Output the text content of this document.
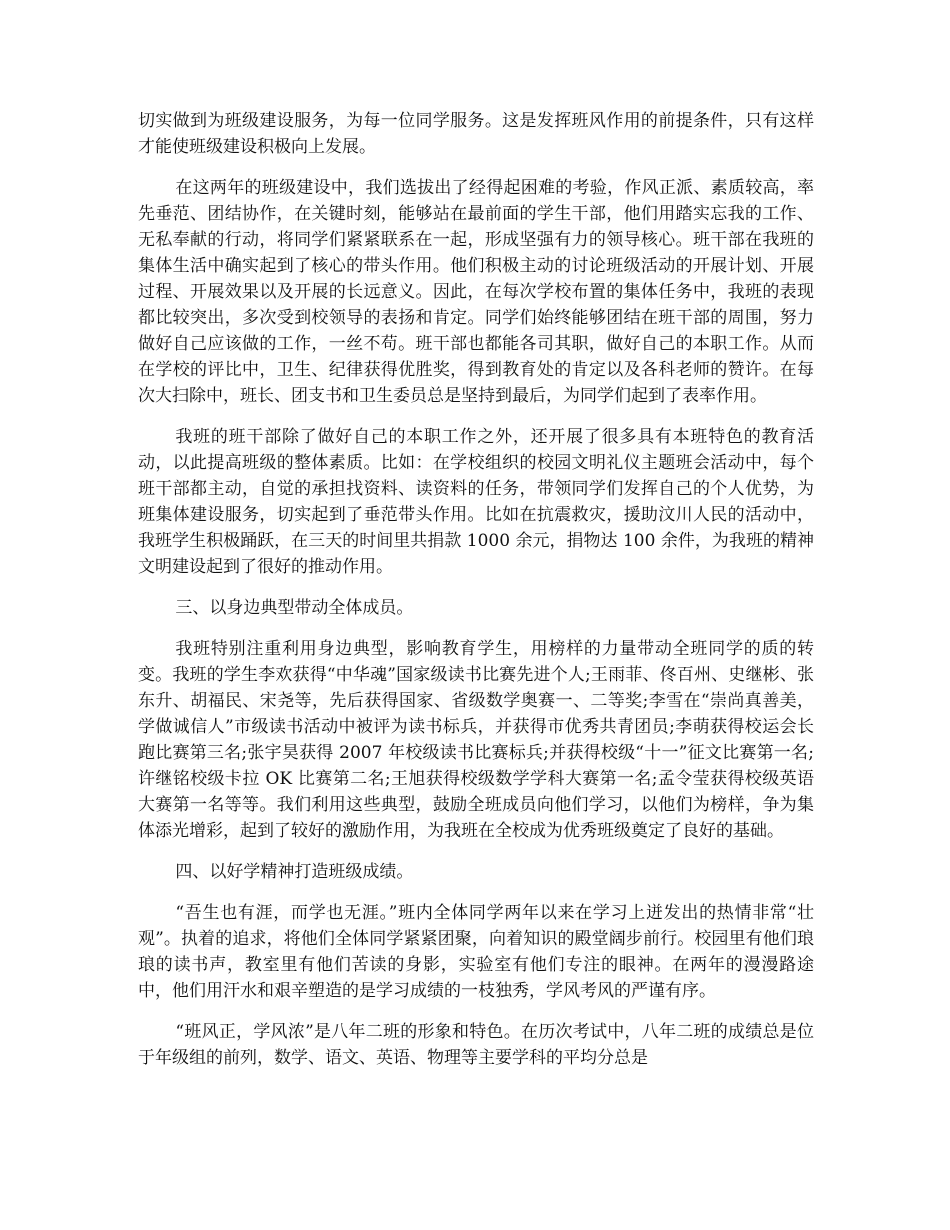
切实做到为班级建设服务，为每一位同学服务。这是发挥班风作用的前提条件，只有这样才能使班级建设积极向上发展。

在这两年的班级建设中，我们选拔出了经得起困难的考验，作风正派、素质较高，率先垂范、团结协作，在关键时刻，能够站在最前面的学生干部，他们用踏实忘我的工作、无私奉献的行动，将同学们紧紧联系在一起，形成坚强有力的领导核心。班干部在我班的集体生活中确实起到了核心的带头作用。他们积极主动的讨论班级活动的开展计划、开展过程、开展效果以及开展的长远意义。因此，在每次学校布置的集体任务中，我班的表现都比较突出，多次受到校领导的表扬和肯定。同学们始终能够团结在班干部的周围，努力做好自己应该做的工作，一丝不苟。班干部也都能各司其职，做好自己的本职工作。从而在学校的评比中，卫生、纪律获得优胜奖，得到教育处的肯定以及各科老师的赞许。在每次大扫除中，班长、团支书和卫生委员总是坚持到最后，为同学们起到了表率作用。

我班的班干部除了做好自己的本职工作之外，还开展了很多具有本班特色的教育活动，以此提高班级的整体素质。比如：在学校组织的校园文明礼仪主题班会活动中，每个班干部都主动，自觉的承担找资料、读资料的任务，带领同学们发挥自己的个人优势，为班集体建设服务，切实起到了垂范带头作用。比如在抗震救灾，援助汶川人民的活动中，我班学生积极踊跃，在三天的时间里共捐款 1000 余元，捐物达 100 余件，为我班的精神文明建设起到了很好的推动作用。

三、以身边典型带动全体成员。

我班特别注重利用身边典型，影响教育学生，用榜样的力量带动全班同学的质的转变。我班的学生李欢获得“中华魂”国家级读书比赛先进个人;王雨菲、佟百州、史继彬、张东升、胡福民、宋尧等，先后获得国家、省级数学奥赛一、二等奖;李雪在“崇尚真善美，学做诚信人”市级读书活动中被评为读书标兵，并获得市优秀共青团员;李萌获得校运会长跑比赛第三名;张宇昊获得 2007 年校级读书比赛标兵;并获得校级“十一”征文比赛第一名;许继铭校级卡拉 OK 比赛第二名;王旭获得校级数学学科大赛第一名;孟令莹获得校级英语大赛第一名等等。我们利用这些典型，鼓励全班成员向他们学习，以他们为榜样，争为集体添光增彩，起到了较好的激励作用，为我班在全校成为优秀班级奠定了良好的基础。

四、以好学精神打造班级成绩。

“吾生也有涯，而学也无涯。”班内全体同学两年以来在学习上迸发出的热情非常“壮观”。执着的追求，将他们全体同学紧紧团聚，向着知识的殿堂阔步前行。校园里有他们琅琅的读书声，教室里有他们苦读的身影，实验室有他们专注的眼神。在两年的漫漫路途中，他们用汗水和艰辛塑造的是学习成绩的一枝独秀，学风考风的严谨有序。

“班风正，学风浓”是八年二班的形象和特色。在历次考试中，八年二班的成绩总是位于年级组的前列，数学、语文、英语、物理等主要学科的平均分总是
